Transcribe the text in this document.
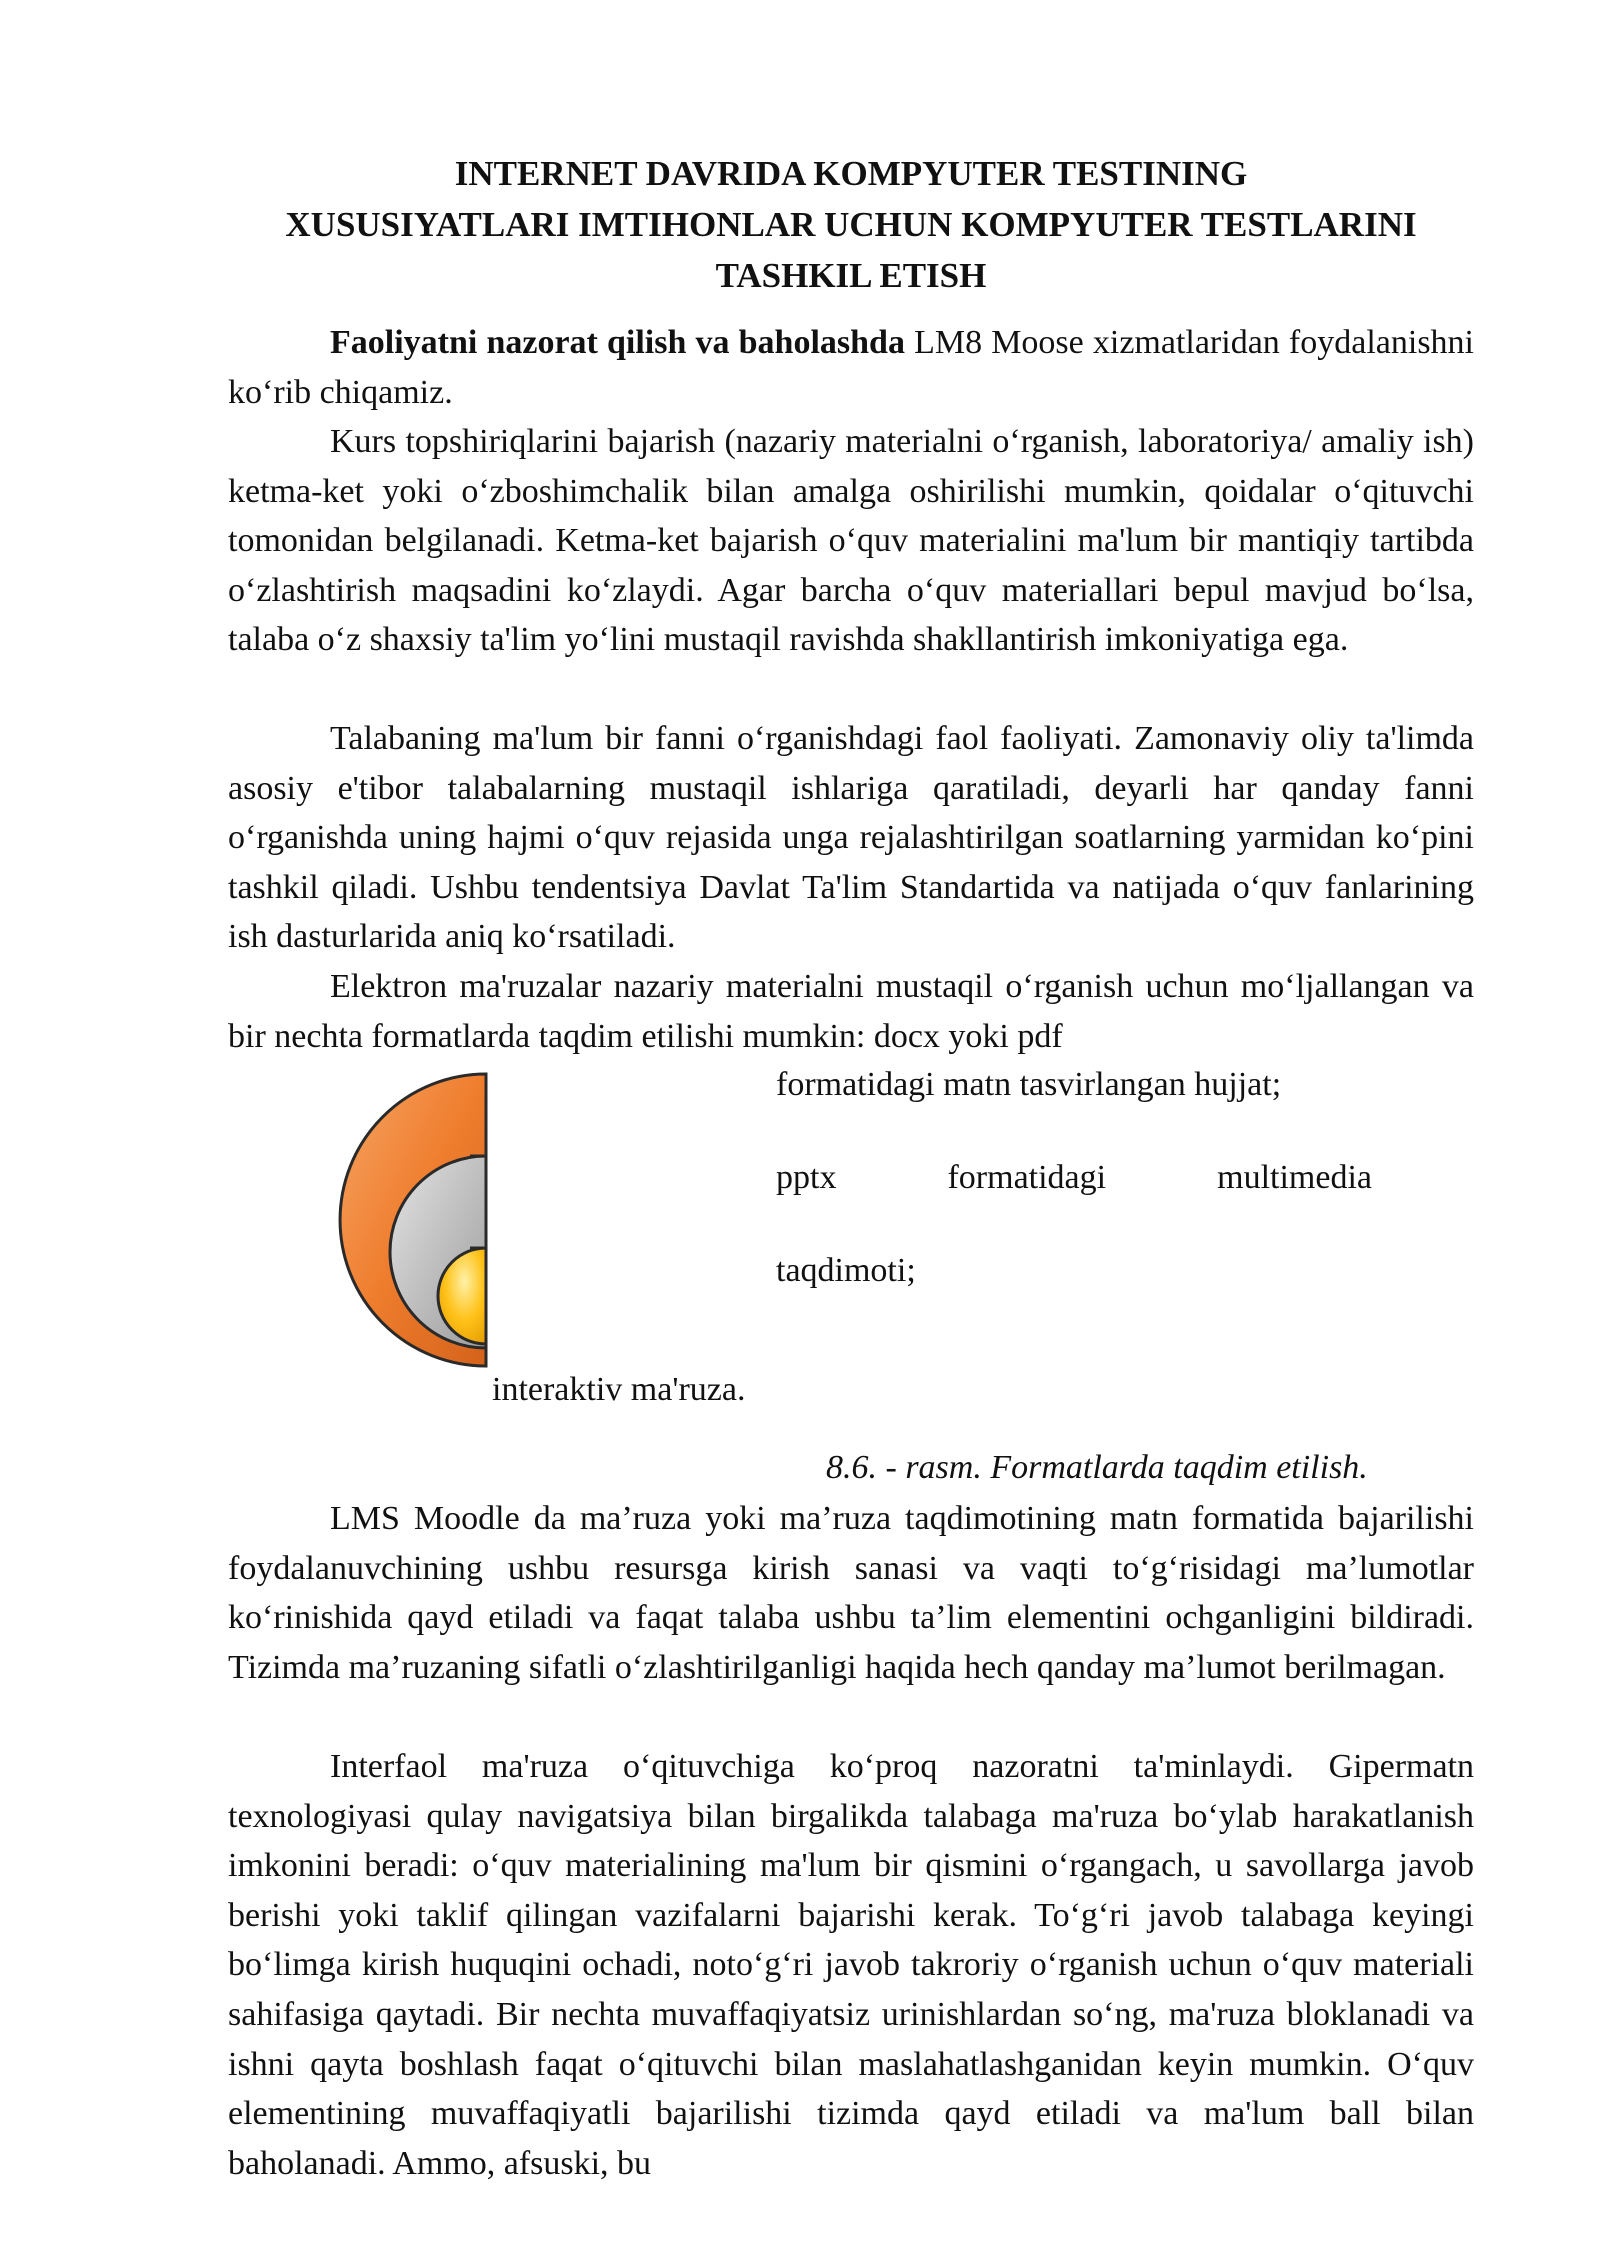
INTERNET DAVRIDA KOMPYUTER TESTINING
XUSUSIYATLARI IMTIHONLAR UCHUN KOMPYUTER TESTLARINI
TASHKIL ETISH

Faoliyatni nazorat qilish va baholashda LM8 Moose xizmatlaridan foydalanishni koʻrib chiqamiz.

Kurs topshiriqlarini bajarish (nazariy materialni oʻrganish, laboratoriya/ amaliy ish) ketma-ket yoki oʻzboshimchalik bilan amalga oshirilishi mumkin, qoidalar oʻqituvchi tomonidan belgilanadi. Ketma-ket bajarish oʻquv materialini ma'lum bir mantiqiy tartibda oʻzlashtirish maqsadini koʻzlaydi. Agar barcha oʻquv materiallari bepul mavjud boʻlsa, talaba oʻz shaxsiy ta'lim yoʻlini mustaqil ravishda shakllantirish imkoniyatiga ega.

Talabaning ma'lum bir fanni oʻrganishdagi faol faoliyati. Zamonaviy oliy ta'limda asosiy e'tibor talabalarning mustaqil ishlariga qaratiladi, deyarli har qanday fanni oʻrganishda uning hajmi oʻquv rejasida unga rejalashtirilgan soatlarning yarmidan koʻpini tashkil qiladi. Ushbu tendentsiya Davlat Ta'lim Standartida va natijada oʻquv fanlarining ish dasturlarida aniq koʻrsatiladi.

Elektron ma'ruzalar nazariy materialni mustaqil oʻrganish uchun moʻljallangan va bir nechta formatlarda taqdim etilishi mumkin: docx yoki pdf

formatidagi matn tasvirlangan hujjat;
pptx	formatidagi	multimedia
taqdimoti;
interaktiv ma'ruza.
8.6. - rasm. Formatlarda taqdim etilish.

LMS Moodle da ma’ruza yoki ma’ruza taqdimotining matn formatida bajarilishi foydalanuvchining ushbu resursga kirish sanasi va vaqti toʻgʻrisidagi ma’lumotlar koʻrinishida qayd etiladi va faqat talaba ushbu ta’lim elementini ochganligini bildiradi. Tizimda ma’ruzaning sifatli oʻzlashtirilganligi haqida hech qanday ma’lumot berilmagan.

Interfaol ma'ruza oʻqituvchiga koʻproq nazoratni ta'minlaydi. Gipermatn texnologiyasi qulay navigatsiya bilan birgalikda talabaga ma'ruza boʻylab harakatlanish imkonini beradi: oʻquv materialining ma'lum bir qismini oʻrgangach, u savollarga javob berishi yoki taklif qilingan vazifalarni bajarishi kerak. Toʻgʻri javob talabaga keyingi boʻlimga kirish huquqini ochadi, notoʻgʻri javob takroriy oʻrganish uchun oʻquv materiali sahifasiga qaytadi. Bir nechta muvaffaqiyatsiz urinishlardan soʻng, ma'ruza bloklanadi va ishni qayta boshlash faqat oʻqituvchi bilan maslahatlashganidan keyin mumkin. Oʻquv elementining muvaffaqiyatli bajarilishi tizimda qayd etiladi va ma'lum ball bilan baholanadi. Ammo, afsuski, bu
